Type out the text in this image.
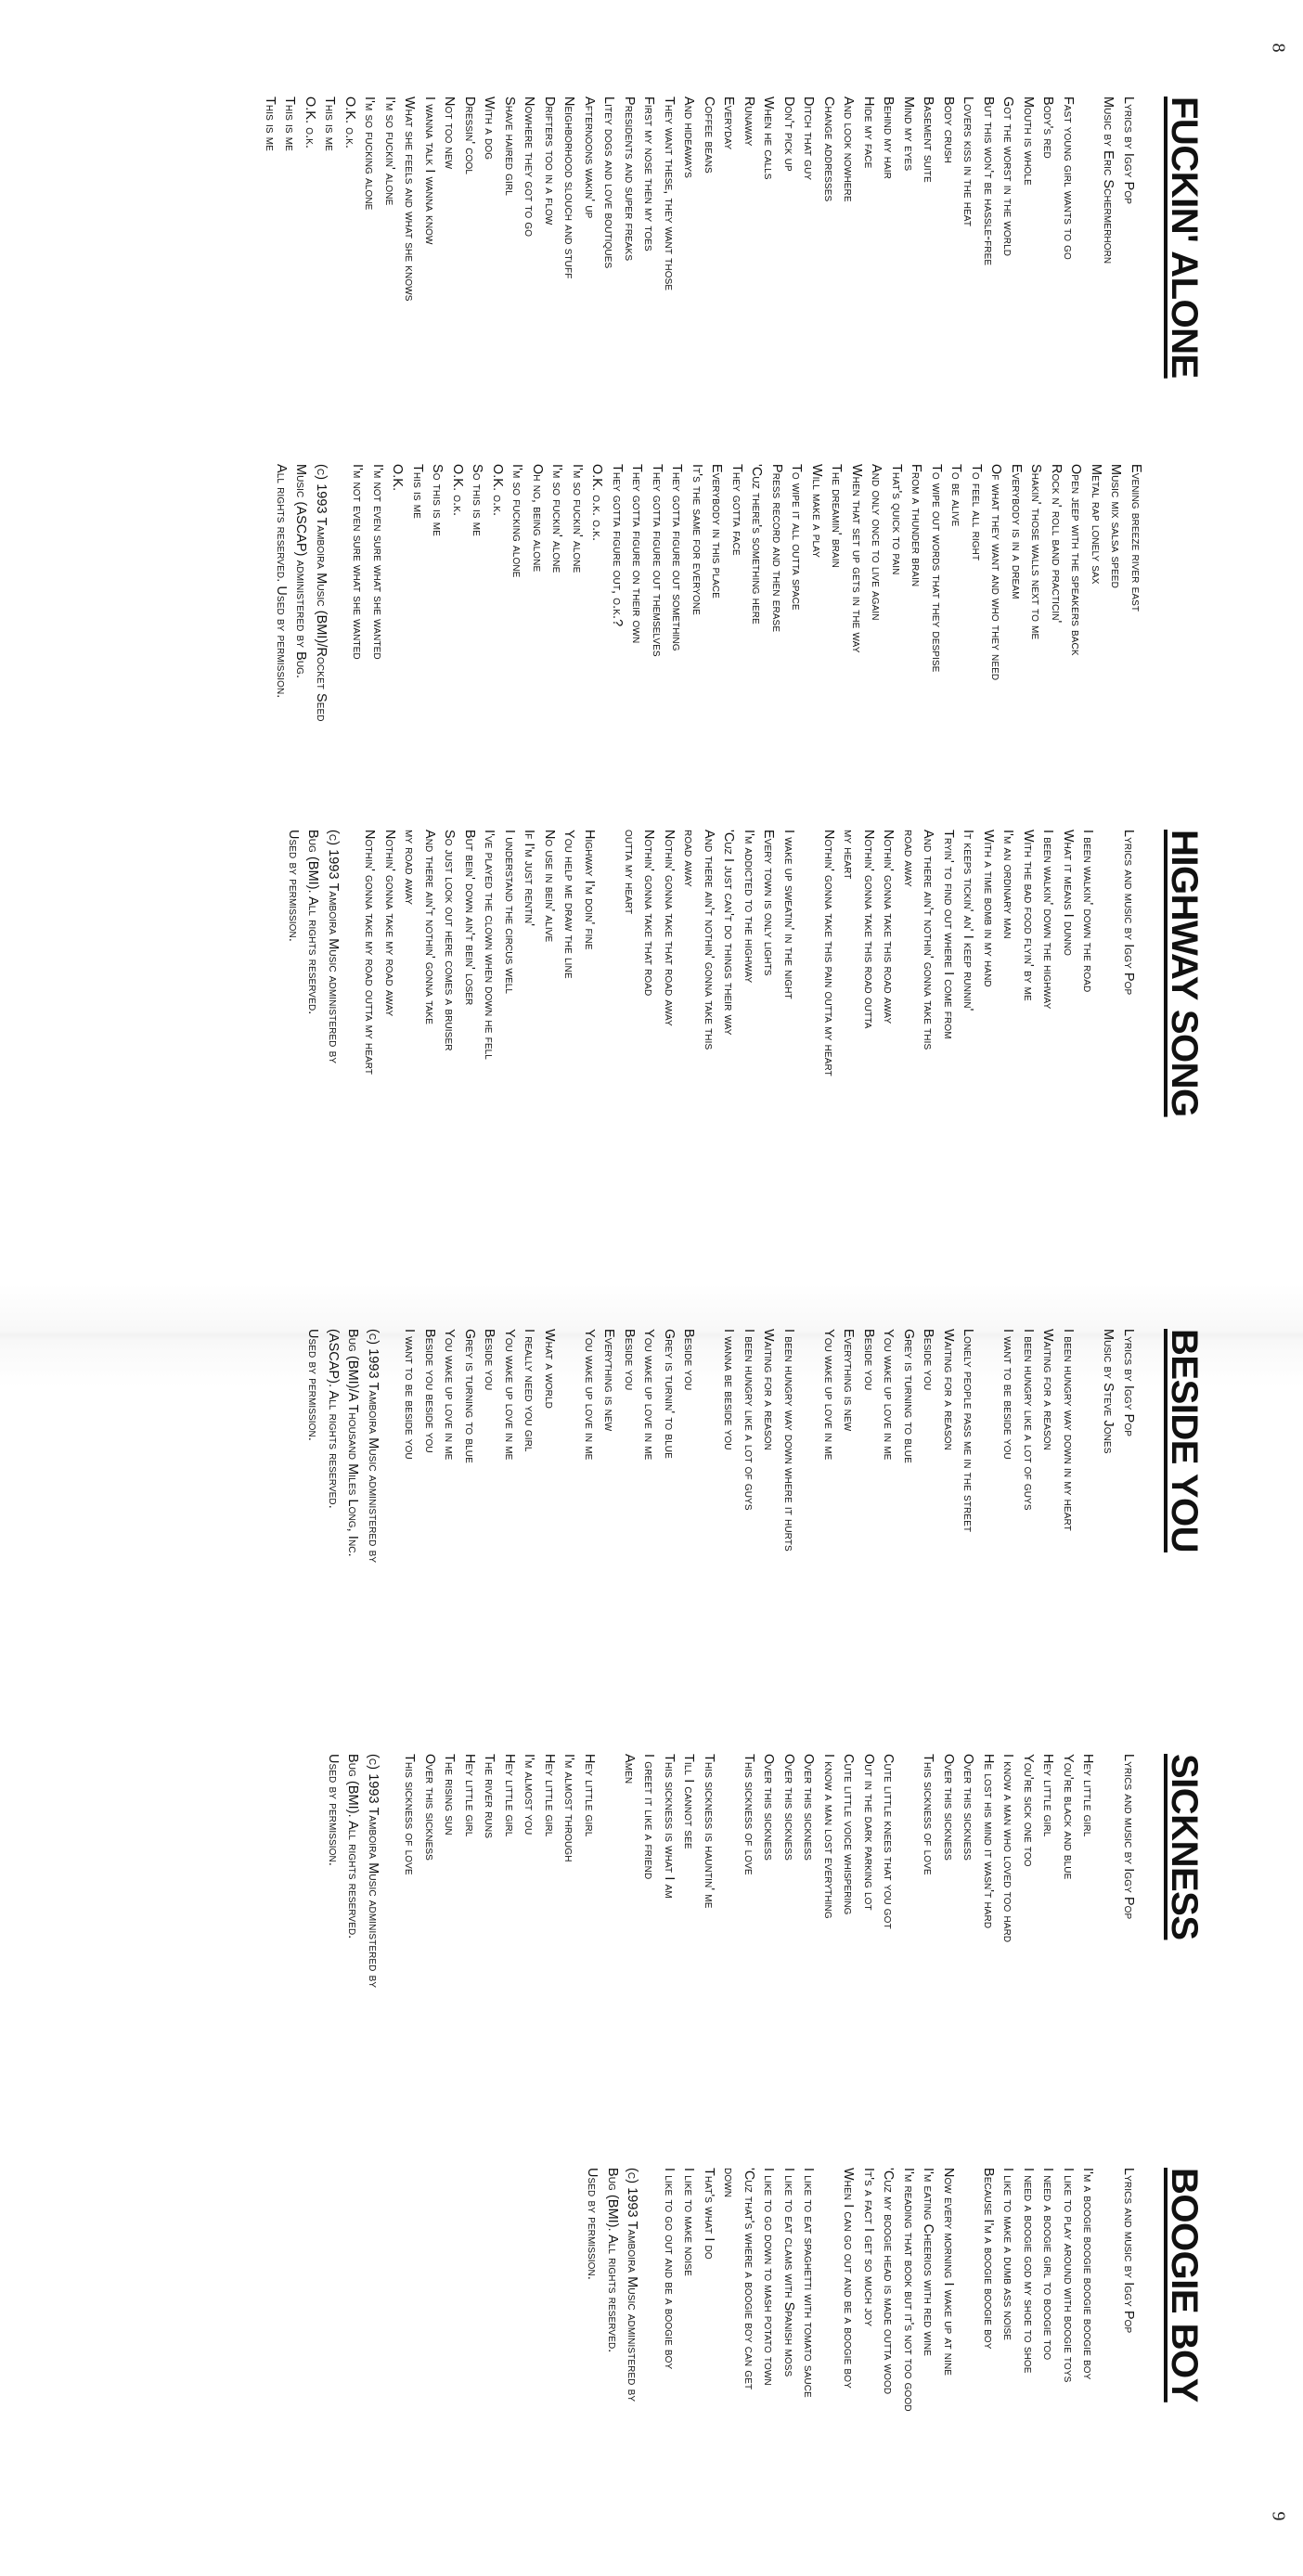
8
9
FUCKIN' ALONE
Lyrics by Iggy Pop
Music by Eric Schermerhorn
Fast young girl wants to go
Body's red
Mouth is whole
Got the worst in the world
But this won't be hassle-free
Lovers kiss in the heat
Body crush
Basement suite
Mind my eyes
Behind my hair
Hide my face
And look nowhere
Change addresses
Ditch that guy
Don't pick up
When he calls
Runaway
Everyday
Coffee beans
And hideaways
They want these, they want those
First my nose then my toes
Presidents and super freaks
Litey dogs and love boutiques
Afternoons wakin' up
Neighborhood slouch and stuff
Drifters too in a flow
Nowhere they got to go
Shave haired girl
With a dog
Dressin' cool
Not too new
I wanna talk I wanna know
What she feels and what she knows
I'm so fuckin' alone
I'm so fucking alone
O.K. o.k.
This is me
O.K. o.k.
This is me
This is me
Evening breeze river east
Music mix salsa speed
Metal rap lonely sax
Open jeep with the speakers back
Rock n' roll band practicin'
Shakin' those walls next to me
Everybody is in a dream
Of what they want and who they need
To feel all right
To be alive
To wipe out words that they despise
From a thunder brain
That's quick to pain
And only once to live again
When that set up gets in the way
The dreamin' brain
Will make a play
To wipe it all outta space
Press record and then erase
'Cuz there's something here
They gotta face
Everybody in this place
It's the same for everyone
They gotta figure out something
They gotta figure out themselves
They gotta figure on their own
They gotta figure out, o.k.?
O.K. o.k. o.k.
I'm so fuckin' alone
I'm so fuckin' alone
Oh no, being alone
I'm so fucking alone
O.K. o.k.
So this is me
O.K. o.k.
So this is me
This is me
O.K.
I'm not even sure what she wanted
I'm not even sure what she wanted
(c) 1993 Tamboira Music (BMI)/Rocket Seed
Music (ASCAP) administered by Bug.
All rights reserved. Used by permission.
HIGHWAY SONG
Lyrics and music by Iggy Pop
I been walkin' down the road
What it means I dunno
I been walkin' down the highway
With the bad food flyin' by me
I'm an ordinary man
With a time bomb in my hand
It keeps tickin' an' I keep runnin'
Tryin' to find out where I come from
And there ain't nothin' gonna take this
road away
Nothin' gonna take this road away
Nothin' gonna take this road outta
my heart
Nothin' gonna take this pain outta my heart
I wake up sweatin' in the night
Every town is only lights
I'm addicted to the highway
'Cuz I just can't do things their way
And there ain't nothin' gonna take this
road away
Nothin' gonna take that road away
Nothin' gonna take that road
outta my heart
Highway I'm doin' fine
You help me draw the line
No use in bein' alive
If I'm just rentin'
I understand the circus well
I've played the clown when down he fell
But bein' down ain't bein' loser
So just look out here comes a bruiser
And there ain't nothin' gonna take
my road away
Nothin' gonna take my road away
Nothin' gonna take my road outta my heart
(c) 1993 Tamboira Music administered by
Bug (BMI). All rights reserved.
Used by permission.
BESIDE YOU
Lyrics by Iggy Pop
Music by Steve Jones
I been hungry way down in my heart
Waiting for a reason
I been hungry like a lot of guys
I want to be beside you
Lonely people pass me in the street
Waiting for a reason
Beside you
Grey is turning to blue
You wake up love in me
Beside you
Everything is new
You wake up love in me
I been hungry way down where it hurts
Waiting for a reason
I been hungry like a lot of guys
I wanna be beside you
Beside you
Grey is turnin' to blue
You wake up love in me
Beside you
Everything is new
You wake up love in me
What a world
I really need you girl
You wake up love in me
Beside you
Grey is turning to blue
You wake up love in me
Beside you beside you
I want to be beside you
(c) 1993 Tamboira Music administered by
Bug (BMI)/A Thousand Miles Long, Inc.
(ASCAP). All rights reserved.
Used by permission.
SICKNESS
Lyrics and music by Iggy Pop
Hey little girl
You're black and blue
Hey little girl
You're sick one too
I know a man who loved too hard
He lost his mind it wasn't hard
Over this sickness
Over this sickness
This sickness of love
Cute little knees that you got
Out in the dark parking lot
Cute little voice whispering
I know a man lost everything
Over this sickness
Over this sickness
Over this sickness
This sickness of love
This sickness is hauntin' me
Till I cannot see
This sickness is what I am
I greet it like a friend
Amen
Hey little girl
I'm almost through
Hey little girl
I'm almost you
Hey little girl
The river runs
Hey little girl
The rising sun
Over this sickness
This sickness of love
(c) 1993 Tamboira Music administered by
Bug (BMI). All rights reserved.
Used by permission.
BOOGIE BOY
Lyrics and music by Iggy Pop
I'm a boogie boogie boogie boogie boy
I like to play around with boogie toys
I need a boogie girl to boogie too
I need a boogie god my shoe to shoe
I like to make a dumb ass noise
Because I'm a boogie boogie boy
Now every morning I wake up at nine
I'm eating Cheerios with red wine
I'm reading that book but it's not too good
'Cuz my boogie head is made outta wood
It's a fact I get so much joy
When I can go out and be a boogie boy
I like to eat spaghetti with tomato sauce
I like to eat clams with Spanish moss
I like to go down to mash potato town
'Cuz that's where a boogie boy can get
down
That's what I do
I like to make noise
I like to go out and be a boogie boy
(c) 1993 Tamboira Music administered by
Bug (BMI). All rights reserved.
Used by permission.
